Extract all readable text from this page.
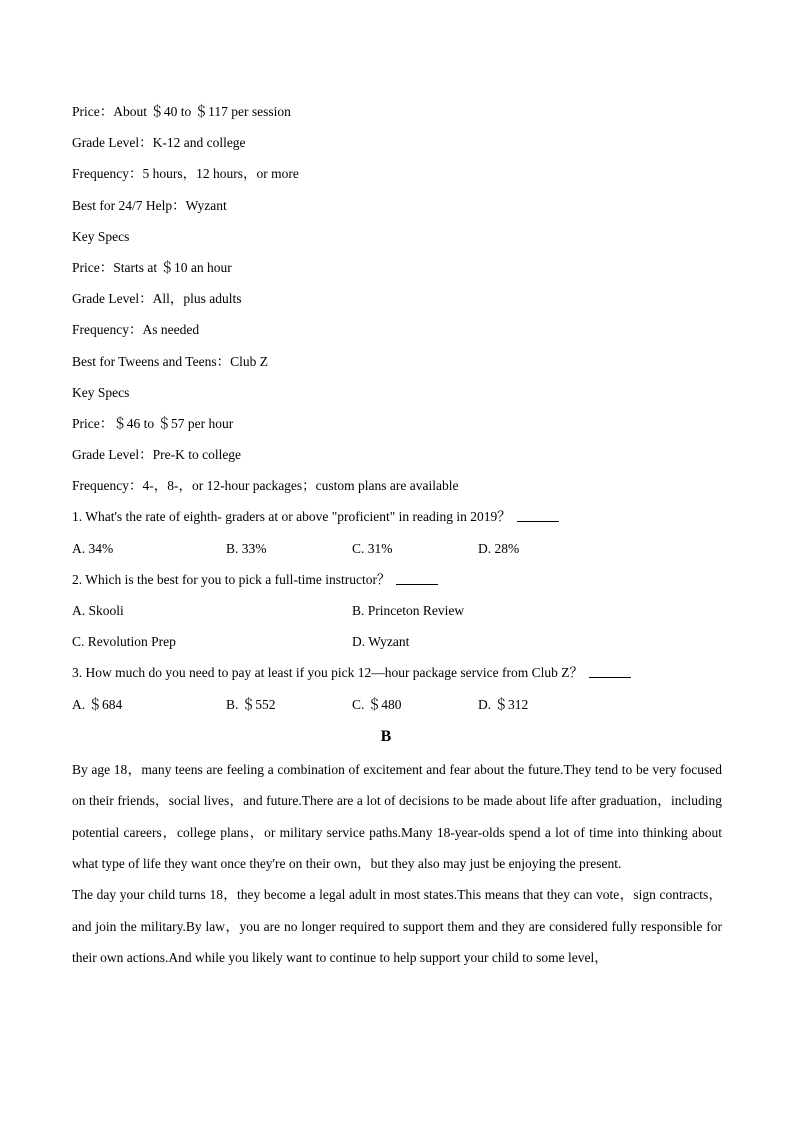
Price：About ＄40 to ＄117 per session
Grade Level：K-12 and college
Frequency：5 hours，12 hours，or more
Best for 24/7 Help：Wyzant
Key Specs
Price：Starts at ＄10 an hour
Grade Level：All，plus adults
Frequency：As needed
Best for Tweens and Teens：Club Z
Key Specs
Price：＄46 to ＄57 per hour
Grade Level：Pre-K to college
Frequency：4-，8-，or 12-hour packages；custom plans are available
1. What's the rate of eighth- graders at or above "proficient" in reading in 2019？
A. 34%	B. 33%	C. 31%	D. 28%
2. Which is the best for you to pick a full-time instructor？
A. Skooli	B. Princeton Review
C. Revolution Prep	D. Wyzant
3. How much do you need to pay at least if you pick 12—hour package service from Club Z？
A. ＄684	B. ＄552	C. ＄480	D. ＄312
B
By age 18，many teens are feeling a combination of excitement and fear about the future.They tend to be very focused on their friends，social lives，and future.There are a lot of decisions to be made about life after graduation，including potential careers，college plans，or military service paths.Many 18-year-olds spend a lot of time into thinking about what type of life they want once they're on their own，but they also may just be enjoying the present.
The day your child turns 18，they become a legal adult in most states.This means that they can vote，sign contracts，and join the military.By law，you are no longer required to support them and they are considered fully responsible for their own actions.And while you likely want to continue to help support your child to some level，
